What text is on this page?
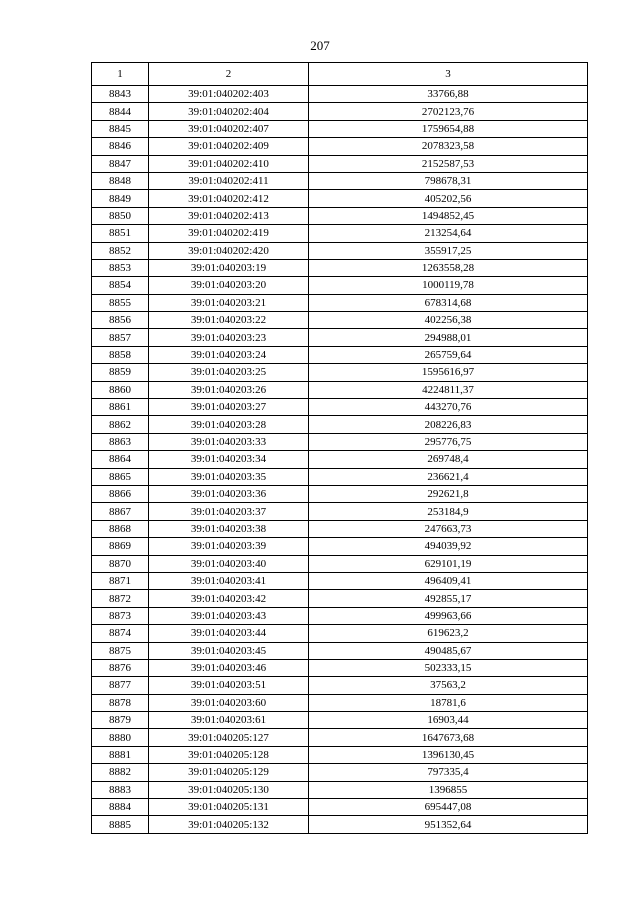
207
1	2	3
8843	39:01:040202:403	33766,88
8844	39:01:040202:404	2702123,76
8845	39:01:040202:407	1759654,88
8846	39:01:040202:409	2078323,58
8847	39:01:040202:410	2152587,53
8848	39:01:040202:411	798678,31
8849	39:01:040202:412	405202,56
8850	39:01:040202:413	1494852,45
8851	39:01:040202:419	213254,64
8852	39:01:040202:420	355917,25
8853	39:01:040203:19	1263558,28
8854	39:01:040203:20	1000119,78
8855	39:01:040203:21	678314,68
8856	39:01:040203:22	402256,38
8857	39:01:040203:23	294988,01
8858	39:01:040203:24	265759,64
8859	39:01:040203:25	1595616,97
8860	39:01:040203:26	4224811,37
8861	39:01:040203:27	443270,76
8862	39:01:040203:28	208226,83
8863	39:01:040203:33	295776,75
8864	39:01:040203:34	269748,4
8865	39:01:040203:35	236621,4
8866	39:01:040203:36	292621,8
8867	39:01:040203:37	253184,9
8868	39:01:040203:38	247663,73
8869	39:01:040203:39	494039,92
8870	39:01:040203:40	629101,19
8871	39:01:040203:41	496409,41
8872	39:01:040203:42	492855,17
8873	39:01:040203:43	499963,66
8874	39:01:040203:44	619623,2
8875	39:01:040203:45	490485,67
8876	39:01:040203:46	502333,15
8877	39:01:040203:51	37563,2
8878	39:01:040203:60	18781,6
8879	39:01:040203:61	16903,44
8880	39:01:040205:127	1647673,68
8881	39:01:040205:128	1396130,45
8882	39:01:040205:129	797335,4
8883	39:01:040205:130	1396855
8884	39:01:040205:131	695447,08
8885	39:01:040205:132	951352,64
